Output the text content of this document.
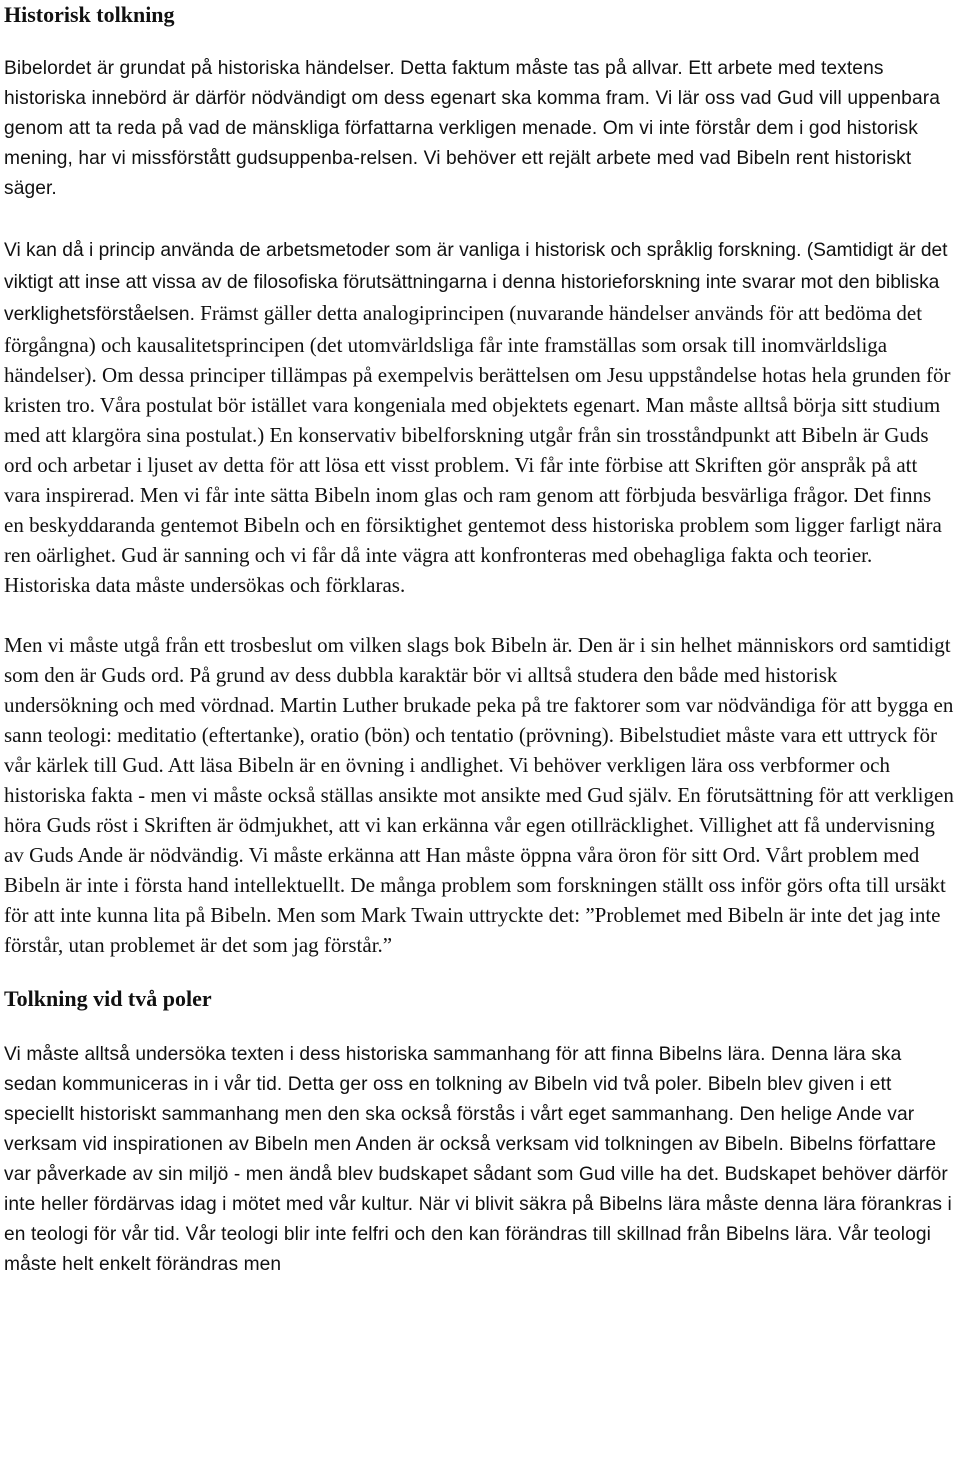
Historisk tolkning

Bibelordet är grundat på historiska händelser. Detta faktum måste tas på allvar. Ett arbete med textens historiska innebörd är därför nödvändigt om dess egenart ska komma fram. Vi lär oss vad Gud vill uppenbara genom att ta reda på vad de mänskliga författarna verkligen menade. Om vi inte förstår dem i god historisk mening, har vi missförstått gudsuppenba-relsen. Vi behöver ett rejält arbete med vad Bibeln rent historiskt säger.

Vi kan då i princip använda de arbetsmetoder som är vanliga i historisk och språklig forskning. (Samtidigt är det viktigt att inse att vissa av de filosofiska förutsättningarna i denna historieforskning inte svarar mot den bibliska verklighetsförståelsen. Främst gäller detta analogiprincipen (nuvarande händelser används för att bedöma det förgångna) och kausalitetsprincipen (det utomvärldsliga får inte framställas som orsak till inomvärldsliga händelser). Om dessa principer tillämpas på exempelvis berättelsen om Jesu uppståndelse hotas hela grunden för kristen tro. Våra postulat bör istället vara kongeniala med objektets egenart. Man måste alltså börja sitt studium med att klargöra sina postulat.) En konservativ bibelforskning utgår från sin trosståndpunkt att Bibeln är Guds ord och arbetar i ljuset av detta för att lösa ett visst problem. Vi får inte förbise att Skriften gör anspråk på att vara inspirerad. Men vi får inte sätta Bibeln inom glas och ram genom att förbjuda besvärliga frågor. Det finns en beskyddaranda gentemot Bibeln och en försiktighet gentemot dess historiska problem som ligger farligt nära ren oärlighet. Gud är sanning och vi får då inte vägra att konfronteras med obehagliga fakta och teorier. Historiska data måste undersökas och förklaras.

Men vi måste utgå från ett trosbeslut om vilken slags bok Bibeln är. Den är i sin helhet människors ord samtidigt som den är Guds ord. På grund av dess dubbla karaktär bör vi alltså studera den både med historisk undersökning och med vördnad. Martin Luther brukade peka på tre faktorer som var nödvändiga för att bygga en sann teologi: meditatio (eftertanke), oratio (bön) och tentatio (prövning). Bibelstudiet måste vara ett uttryck för vår kärlek till Gud. Att läsa Bibeln är en övning i andlighet. Vi behöver verkligen lära oss verbformer och historiska fakta - men vi måste också ställas ansikte mot ansikte med Gud själv. En förutsättning för att verkligen höra Guds röst i Skriften är ödmjukhet, att vi kan erkänna vår egen otillräcklighet. Villighet att få undervisning av Guds Ande är nödvändig. Vi måste erkänna att Han måste öppna våra öron för sitt Ord. Vårt problem med Bibeln är inte i första hand intellektuellt. De många problem som forskningen ställt oss inför görs ofta till ursäkt för att inte kunna lita på Bibeln. Men som Mark Twain uttryckte det: ”Problemet med Bibeln är inte det jag inte förstår, utan problemet är det som jag förstår.”

Tolkning vid två poler

Vi måste alltså undersöka texten i dess historiska sammanhang för att finna Bibelns lära. Denna lära ska sedan kommuniceras in i vår tid. Detta ger oss en tolkning av Bibeln vid två poler. Bibeln blev given i ett speciellt historiskt sammanhang men den ska också förstås i vårt eget sammanhang. Den helige Ande var verksam vid inspirationen av Bibeln men Anden är också verksam vid tolkningen av Bibeln. Bibelns författare var påverkade av sin miljö - men ändå blev budskapet sådant som Gud ville ha det. Budskapet behöver därför inte heller fördärvas idag i mötet med vår kultur. När vi blivit säkra på Bibelns lära måste denna lära förankras i en teologi för vår tid. Vår teologi blir inte felfri och den kan förändras till skillnad från Bibelns lära. Vår teologi måste helt enkelt förändras men
